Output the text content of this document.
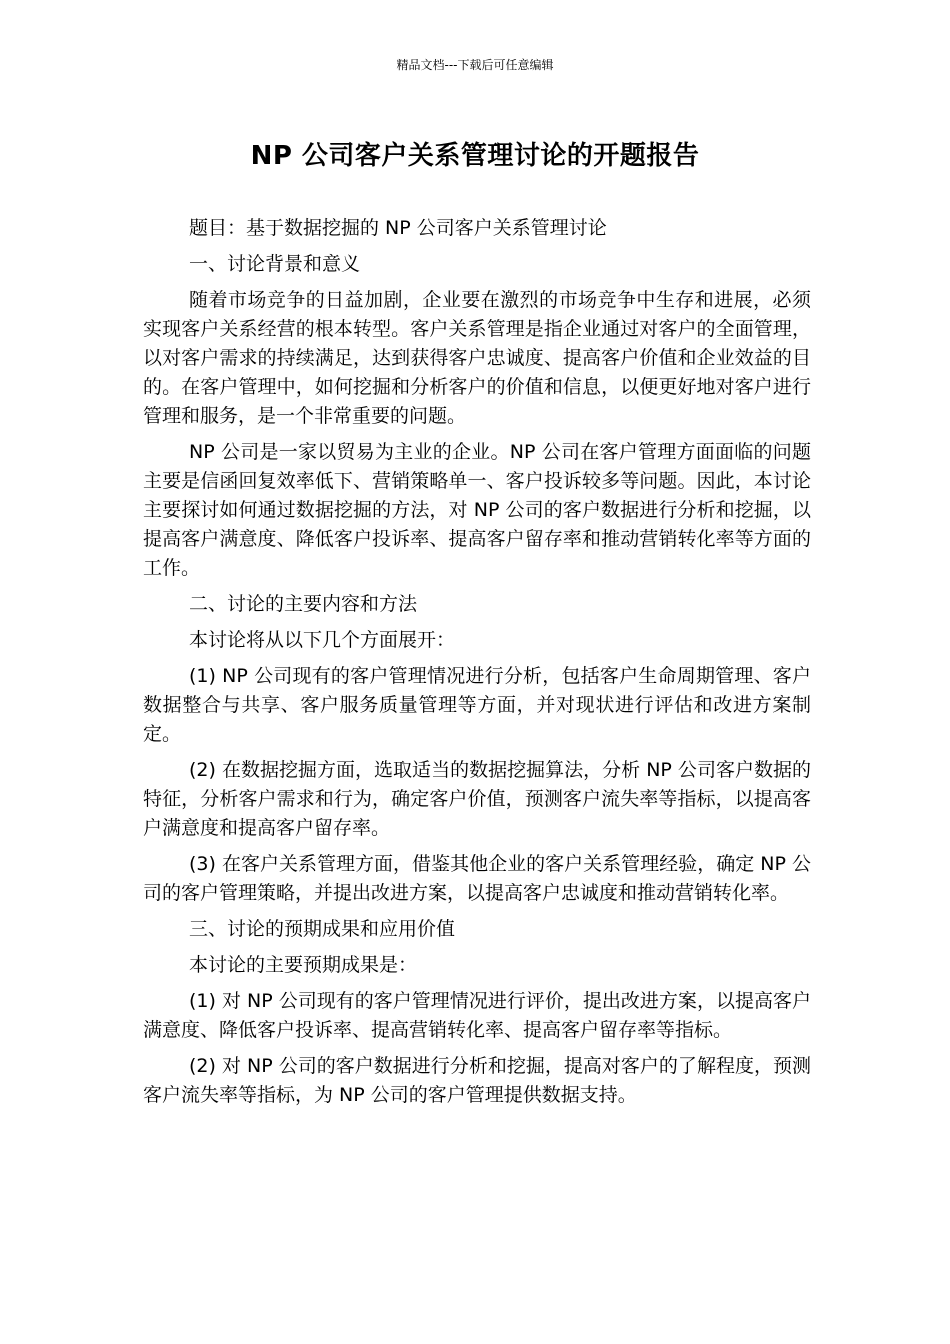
精品文档---下载后可任意编辑
NP 公司客户关系管理讨论的开题报告

题目：基于数据挖掘的 NP 公司客户关系管理讨论

一、讨论背景和意义

随着市场竞争的日益加剧，企业要在激烈的市场竞争中生存和进展，必须实现客户关系经营的根本转型。客户关系管理是指企业通过对客户的全面管理，以对客户需求的持续满足，达到获得客户忠诚度、提高客户价值和企业效益的目的。在客户管理中，如何挖掘和分析客户的价值和信息，以便更好地对客户进行管理和服务，是一个非常重要的问题。

NP 公司是一家以贸易为主业的企业。NP 公司在客户管理方面面临的问题主要是信函回复效率低下、营销策略单一、客户投诉较多等问题。因此，本讨论主要探讨如何通过数据挖掘的方法，对 NP 公司的客户数据进行分析和挖掘，以提高客户满意度、降低客户投诉率、提高客户留存率和推动营销转化率等方面的工作。

二、讨论的主要内容和方法

本讨论将从以下几个方面展开：

(1) NP 公司现有的客户管理情况进行分析，包括客户生命周期管理、客户数据整合与共享、客户服务质量管理等方面，并对现状进行评估和改进方案制定。

(2) 在数据挖掘方面，选取适当的数据挖掘算法，分析 NP 公司客户数据的特征，分析客户需求和行为，确定客户价值，预测客户流失率等指标，以提高客户满意度和提高客户留存率。

(3) 在客户关系管理方面，借鉴其他企业的客户关系管理经验，确定 NP 公司的客户管理策略，并提出改进方案，以提高客户忠诚度和推动营销转化率。

三、讨论的预期成果和应用价值

本讨论的主要预期成果是：

(1) 对 NP 公司现有的客户管理情况进行评价，提出改进方案，以提高客户满意度、降低客户投诉率、提高营销转化率、提高客户留存率等指标。

(2) 对 NP 公司的客户数据进行分析和挖掘，提高对客户的了解程度，预测客户流失率等指标，为 NP 公司的客户管理提供数据支持。
